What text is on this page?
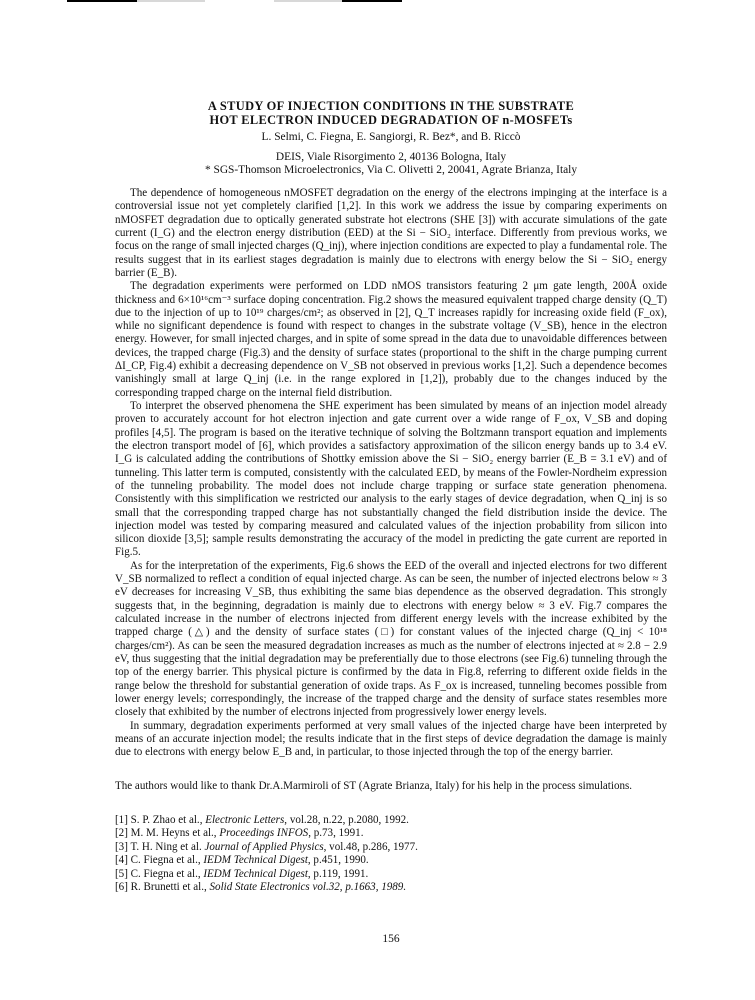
A STUDY OF INJECTION CONDITIONS IN THE SUBSTRATE
HOT ELECTRON INDUCED DEGRADATION OF n-MOSFETs
L. Selmi, C. Fiegna, E. Sangiorgi, R. Bez*, and B. Riccò
DEIS, Viale Risorgimento 2, 40136 Bologna, Italy
* SGS-Thomson Microelectronics, Via C. Olivetti 2, 20041, Agrate Brianza, Italy

The dependence of homogeneous nMOSFET degradation on the energy of the electrons impinging at the interface is a controversial issue not yet completely clarified [1,2]. In this work we address the issue by comparing experiments on nMOSFET degradation due to optically generated substrate hot electrons (SHE [3]) with accurate simulations of the gate current (I_G) and the electron energy distribution (EED) at the Si − SiO₂ interface. Differently from previous works, we focus on the range of small injected charges (Q_inj), where injection conditions are expected to play a fundamental role. The results suggest that in its earliest stages degradation is mainly due to electrons with energy below the Si − SiO₂ energy barrier (E_B).

The degradation experiments were performed on LDD nMOS transistors featuring 2 μm gate length, 200Å oxide thickness and 6×10¹⁶cm⁻³ surface doping concentration. Fig.2 shows the measured equivalent trapped charge density (Q_T) due to the injection of up to 10¹⁹ charges/cm²; as observed in [2], Q_T increases rapidly for increasing oxide field (F_ox), while no significant dependence is found with respect to changes in the substrate voltage (V_SB), hence in the electron energy. However, for small injected charges, and in spite of some spread in the data due to unavoidable differences between devices, the trapped charge (Fig.3) and the density of surface states (proportional to the shift in the charge pumping current ΔI_CP, Fig.4) exhibit a decreasing dependence on V_SB not observed in previous works [1,2]. Such a dependence becomes vanishingly small at large Q_inj (i.e. in the range explored in [1,2]), probably due to the changes induced by the corresponding trapped charge on the internal field distribution.

To interpret the observed phenomena the SHE experiment has been simulated by means of an injection model already proven to accurately account for hot electron injection and gate current over a wide range of F_ox, V_SB and doping profiles [4,5]. The program is based on the iterative technique of solving the Boltzmann transport equation and implements the electron transport model of [6], which provides a satisfactory approximation of the silicon energy bands up to 3.4 eV. I_G is calculated adding the contributions of Shottky emission above the Si − SiO₂ energy barrier (E_B = 3.1 eV) and of tunneling. This latter term is computed, consistently with the calculated EED, by means of the Fowler-Nordheim expression of the tunneling probability. The model does not include charge trapping or surface state generation phenomena. Consistently with this simplification we restricted our analysis to the early stages of device degradation, when Q_inj is so small that the corresponding trapped charge has not substantially changed the field distribution inside the device. The injection model was tested by comparing measured and calculated values of the injection probability from silicon into silicon dioxide [3,5]; sample results demonstrating the accuracy of the model in predicting the gate current are reported in Fig.5.

As for the interpretation of the experiments, Fig.6 shows the EED of the overall and injected electrons for two different V_SB normalized to reflect a condition of equal injected charge. As can be seen, the number of injected electrons below ≈ 3 eV decreases for increasing V_SB, thus exhibiting the same bias dependence as the observed degradation. This strongly suggests that, in the beginning, degradation is mainly due to electrons with energy below ≈ 3 eV. Fig.7 compares the calculated increase in the number of electrons injected from different energy levels with the increase exhibited by the trapped charge (△) and the density of surface states (□) for constant values of the injected charge (Q_inj < 10¹⁸ charges/cm²). As can be seen the measured degradation increases as much as the number of electrons injected at ≈ 2.8 − 2.9 eV, thus suggesting that the initial degradation may be preferentially due to those electrons (see Fig.6) tunneling through the top of the energy barrier. This physical picture is confirmed by the data in Fig.8, referring to different oxide fields in the range below the threshold for substantial generation of oxide traps. As F_ox is increased, tunneling becomes possible from lower energy levels; correspondingly, the increase of the trapped charge and the density of surface states resembles more closely that exhibited by the number of electrons injected from progressively lower energy levels.

In summary, degradation experiments performed at very small values of the injected charge have been interpreted by means of an accurate injection model; the results indicate that in the first steps of device degradation the damage is mainly due to electrons with energy below E_B and, in particular, to those injected through the top of the energy barrier.

The authors would like to thank Dr.A.Marmiroli of ST (Agrate Brianza, Italy) for his help in the process simulations.
[1] S. P. Zhao et al., Electronic Letters, vol.28, n.22, p.2080, 1992.
[2] M. M. Heyns et al., Proceedings INFOS, p.73, 1991.
[3] T. H. Ning et al. Journal of Applied Physics, vol.48, p.286, 1977.
[4] C. Fiegna et al., IEDM Technical Digest, p.451, 1990.
[5] C. Fiegna et al., IEDM Technical Digest, p.119, 1991.
[6] R. Brunetti et al., Solid State Electronics vol.32, p.1663, 1989.
156
